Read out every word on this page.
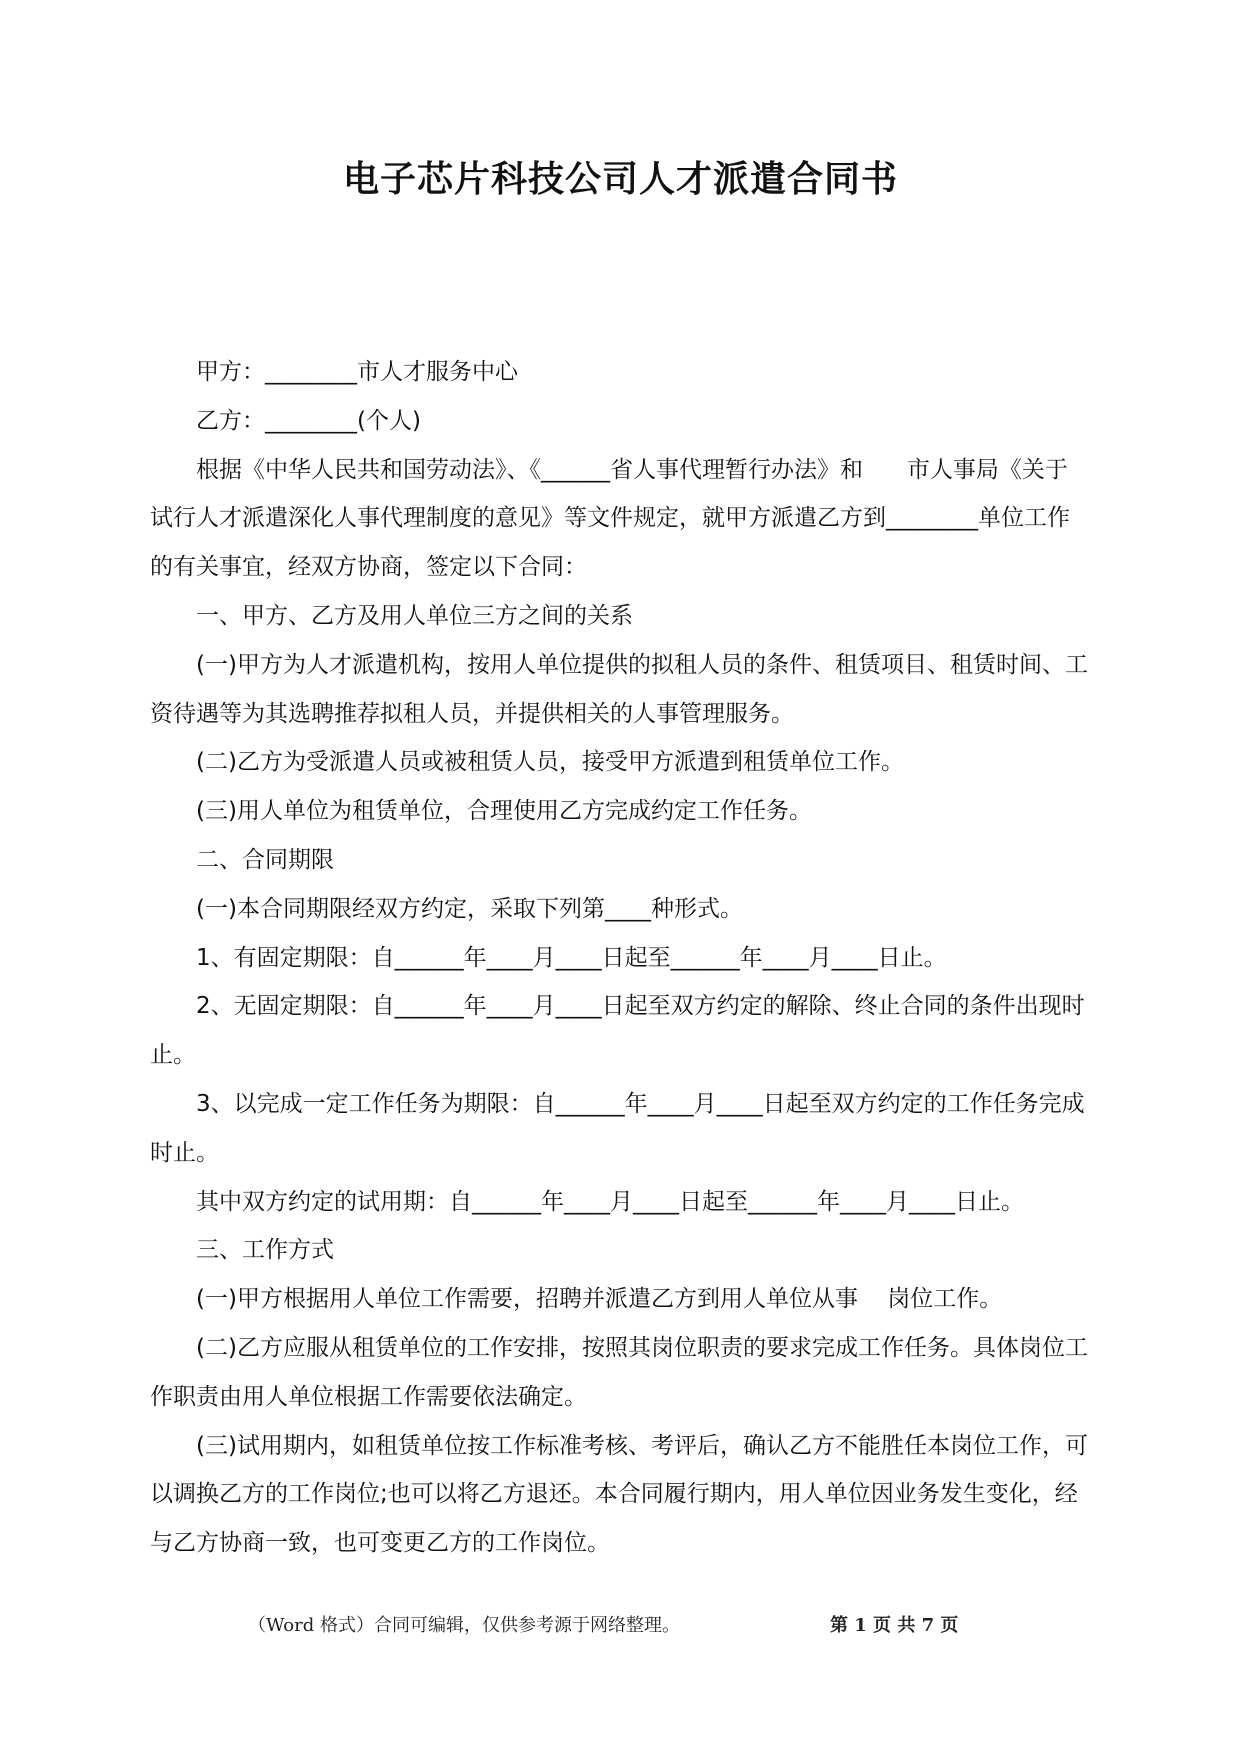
电子芯片科技公司人才派遣合同书

甲方：________市人才服务中心

乙方：________(个人)

根据《中华人民共和国劳动法》、《______省人事代理暂行办法》和      市人事局《关于试行人才派遣深化人事代理制度的意见》等文件规定，就甲方派遣乙方到________单位工作的有关事宜，经双方协商，签定以下合同：

一、甲方、乙方及用人单位三方之间的关系

(一)甲方为人才派遣机构，按用人单位提供的拟租人员的条件、租赁项目、租赁时间、工资待遇等为其选聘推荐拟租人员，并提供相关的人事管理服务。

(二)乙方为受派遣人员或被租赁人员，接受甲方派遣到租赁单位工作。

(三)用人单位为租赁单位，合理使用乙方完成约定工作任务。

二、合同期限

(一)本合同期限经双方约定，采取下列第____种形式。

1、有固定期限：自______年____月____日起至______年____月____日止。

2、无固定期限：自______年____月____日起至双方约定的解除、终止合同的条件出现时止。

3、以完成一定工作任务为期限：自______年____月____日起至双方约定的工作任务完成时止。

其中双方约定的试用期：自______年____月____日起至______年____月____日止。

三、工作方式

(一)甲方根据用人单位工作需要，招聘并派遣乙方到用人单位从事    岗位工作。

(二)乙方应服从租赁单位的工作安排，按照其岗位职责的要求完成工作任务。具体岗位工作职责由用人单位根据工作需要依法确定。

(三)试用期内，如租赁单位按工作标准考核、考评后，确认乙方不能胜任本岗位工作，可以调换乙方的工作岗位;也可以将乙方退还。本合同履行期内，用人单位因业务发生变化，经与乙方协商一致，也可变更乙方的工作岗位。

（Word 格式）合同可编辑，仅供参考源于网络整理。	第 1 页 共 7 页
